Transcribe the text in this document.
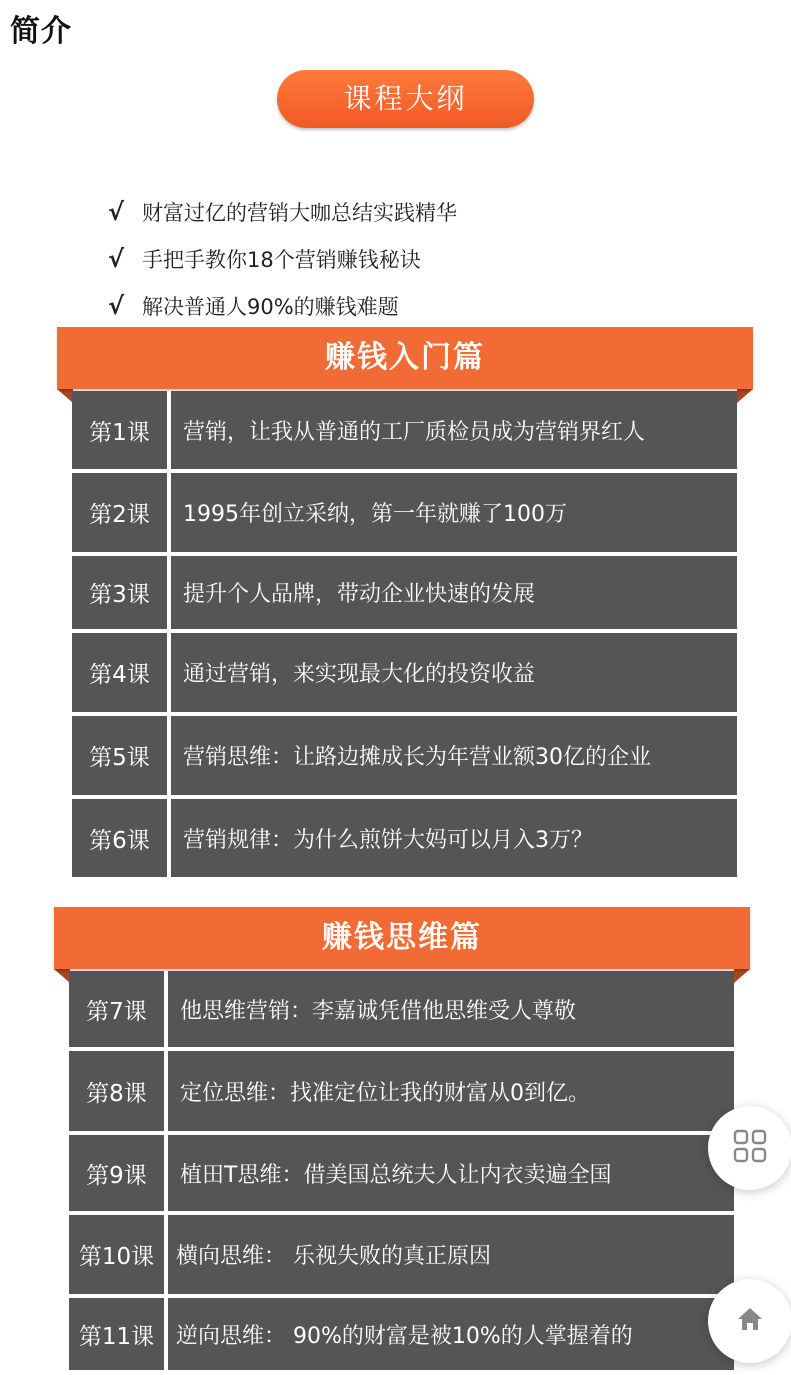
简介
课程大纲
√ 财富过亿的营销大咖总结实践精华
√ 手把手教你18个营销赚钱秘诀
√ 解决普通人90%的赚钱难题
赚钱入门篇
第1课	营销，让我从普通的工厂质检员成为营销界红人
第2课	1995年创立采纳，第一年就赚了100万
第3课	提升个人品牌，带动企业快速的发展
第4课	通过营销，来实现最大化的投资收益
第5课	营销思维：让路边摊成长为年营业额30亿的企业
第6课	营销规律：为什么煎饼大妈可以月入3万？
赚钱思维篇
第7课	他思维营销：李嘉诚凭借他思维受人尊敬
第8课	定位思维：找准定位让我的财富从0到亿。
第9课	植田T思维：借美国总统夫人让内衣卖遍全国
第10课 横向思维： 乐视失败的真正原因
第11课 逆向思维： 90%的财富是被10%的人掌握着的
